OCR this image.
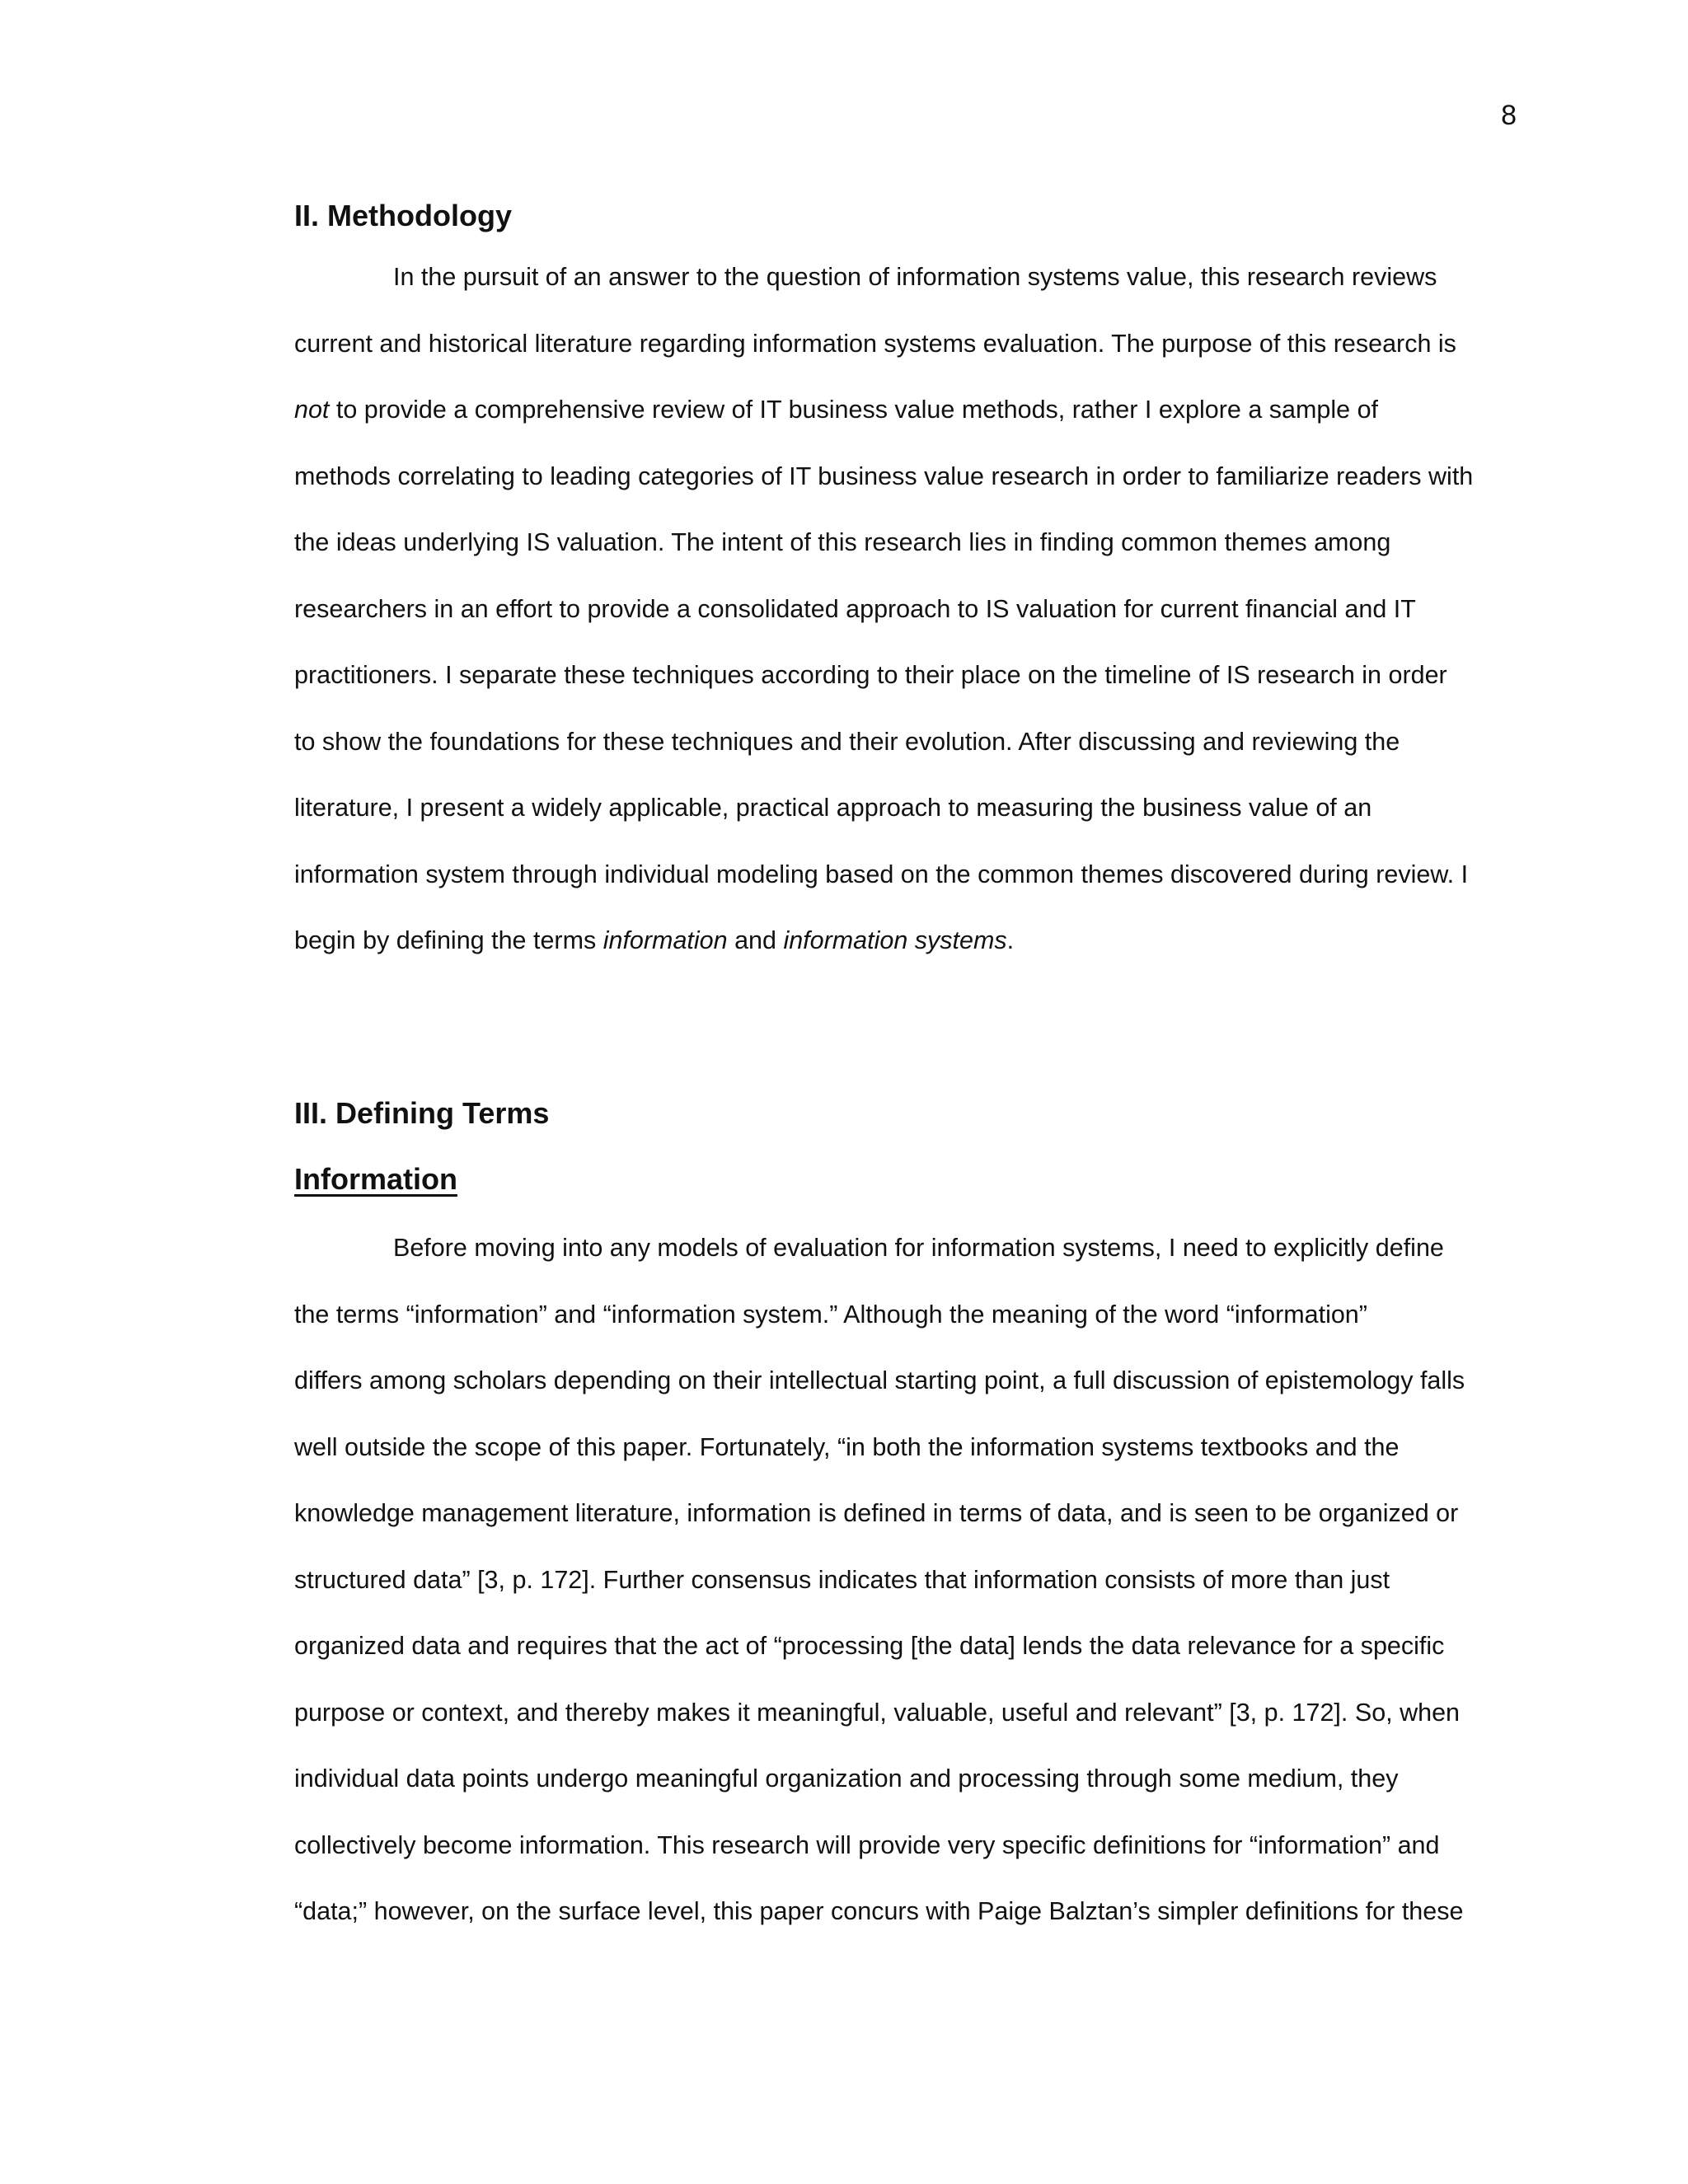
8
II. Methodology
In the pursuit of an answer to the question of information systems value, this research reviews
current and historical literature regarding information systems evaluation. The purpose of this research is
not to provide a comprehensive review of IT business value methods, rather I explore a sample of
methods correlating to leading categories of IT business value research in order to familiarize readers with
the ideas underlying IS valuation. The intent of this research lies in finding common themes among
researchers in an effort to provide a consolidated approach to IS valuation for current financial and IT
practitioners. I separate these techniques according to their place on the timeline of IS research in order
to show the foundations for these techniques and their evolution. After discussing and reviewing the
literature, I present a widely applicable, practical approach to measuring the business value of an
information system through individual modeling based on the common themes discovered during review. I
begin by defining the terms information and information systems.
III. Defining Terms
Information
Before moving into any models of evaluation for information systems, I need to explicitly define
the terms “information” and “information system.” Although the meaning of the word “information”
differs among scholars depending on their intellectual starting point, a full discussion of epistemology falls
well outside the scope of this paper. Fortunately, “in both the information systems textbooks and the
knowledge management literature, information is defined in terms of data, and is seen to be organized or
structured data” [3, p. 172]. Further consensus indicates that information consists of more than just
organized data and requires that the act of “processing [the data] lends the data relevance for a specific
purpose or context, and thereby makes it meaningful, valuable, useful and relevant” [3, p. 172]. So, when
individual data points undergo meaningful organization and processing through some medium, they
collectively become information. This research will provide very specific definitions for “information” and
“data;” however, on the surface level, this paper concurs with Paige Balztan’s simpler definitions for these
